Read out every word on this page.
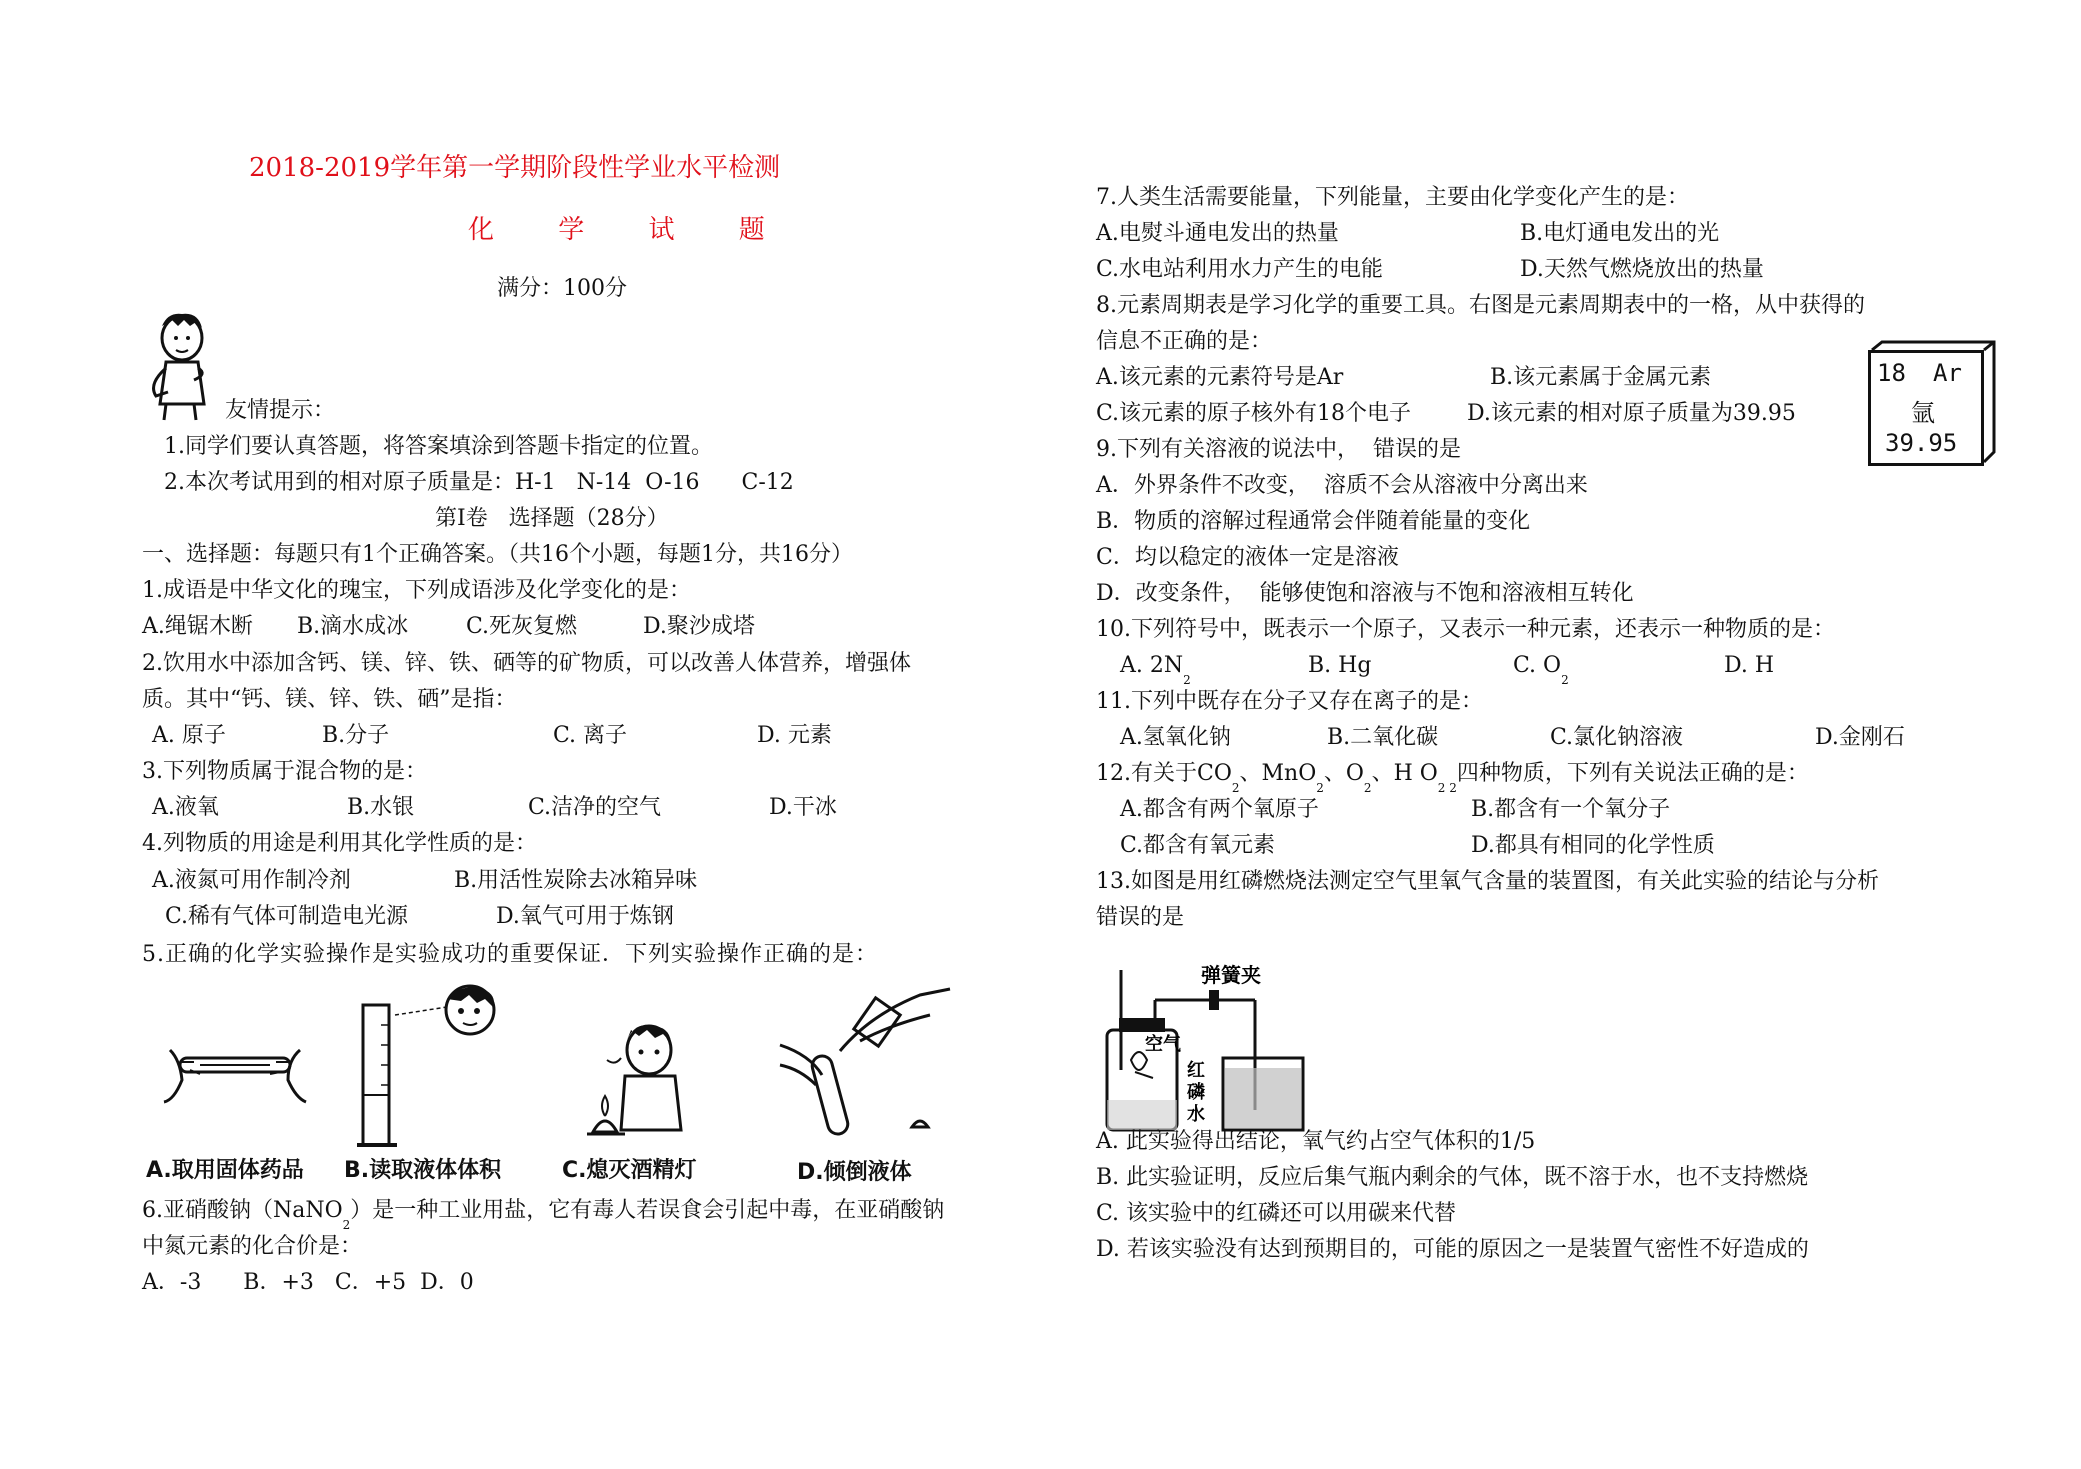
2018-2019学年第一学期阶段性学业水平检测
化 学 试 题
满分：100分
友情提示：
1.同学们要认真答题，将答案填涂到答题卡指定的位置。
2.本次考试用到的相对原子质量是：H-1   N-14  O-16      C-12
第Ⅰ卷   选择题（28分）
一、选择题：每题只有1个正确答案。（共16个小题，每题1分，共16分）
1.成语是中华文化的瑰宝，下列成语涉及化学变化的是：
A.绳锯木断 B.滴水成冰	C.死灰复燃	D.聚沙成塔
2.饮用水中添加含钙、镁、锌、铁、硒等的矿物质，可以改善人体营养，增强体
质。其中“钙、镁、锌、铁、硒”是指：
A. 原子	B.分子	C. 离子	D. 元素
3.下列物质属于混合物的是：
A.液氧	B.水银	C.洁净的空气	D.干冰
4.列物质的用途是利用其化学性质的是：
A.液氮可用作制冷剂	B.用活性炭除去冰箱异味
C.稀有气体可制造电光源	D.氧气可用于炼钢
5.正确的化学实验操作是实验成功的重要保证．下列实验操作正确的是：
A.取用固体药品 B.读取液体体积	C.熄灭酒精灯	D.倾倒液体
6.亚硝酸钠（NaNO$_2$）是一种工业用盐，它有毒人若误食会引起中毒，在亚硝酸钠
中氮元素的化合价是：
A．-3      B．+3   C．+5  D．0
7.人类生活需要能量，下列能量，主要由化学变化产生的是：
A.电熨斗通电发出的热量	B.电灯通电发出的光
C.水电站利用水力产生的电能	D.天然气燃烧放出的热量
8.元素周期表是学习化学的重要工具。右图是元素周期表中的一格，从中获得的
信息不正确的是：
A.该元素的元素符号是Ar	B.该元素属于金属元素
C.该元素的原子核外有18个电子	D.该元素的相对原子质量为39.95
18 Ar
氩
39.95
9.下列有关溶液的说法中，  错误的是
A．外界条件不改变，  溶质不会从溶液中分离出来
B．物质的溶解过程通常会伴随着能量的变化
C．均以稳定的液体一定是溶液
D．改变条件，  能够使饱和溶液与不饱和溶液相互转化
10.下列符号中，既表示一个原子，又表示一种元素，还表示一种物质的是：
A. $2N_2$
B. Hg	C. $O_2$
D. H
11.下列中既存在分子又存在离子的是：
A.氢氧化钠	B.二氧化碳	C.氯化钠溶液	D.金刚石
12.有关于$CO_2$、MnO$_2$、$O_2$、H $O_{2 2}$四种物质，下列有关说法正确的是：
A.都含有两个氧原子	B.都含有一个氧分子
C.都含有氧元素	D.都具有相同的化学性质
13.如图是用红磷燃烧法测定空气里氧气含量的装置图，有关此实验的结论与分析
错误的是
弹簧夹
空气
红
磷
水
A. 此实验得出结论，氧气约占空气体积的1/5
B. 此实验证明，反应后集气瓶内剩余的气体，既不溶于水，也不支持燃烧
C. 该实验中的红磷还可以用碳来代替
D. 若该实验没有达到预期目的，可能的原因之一是装置气密性不好造成的
